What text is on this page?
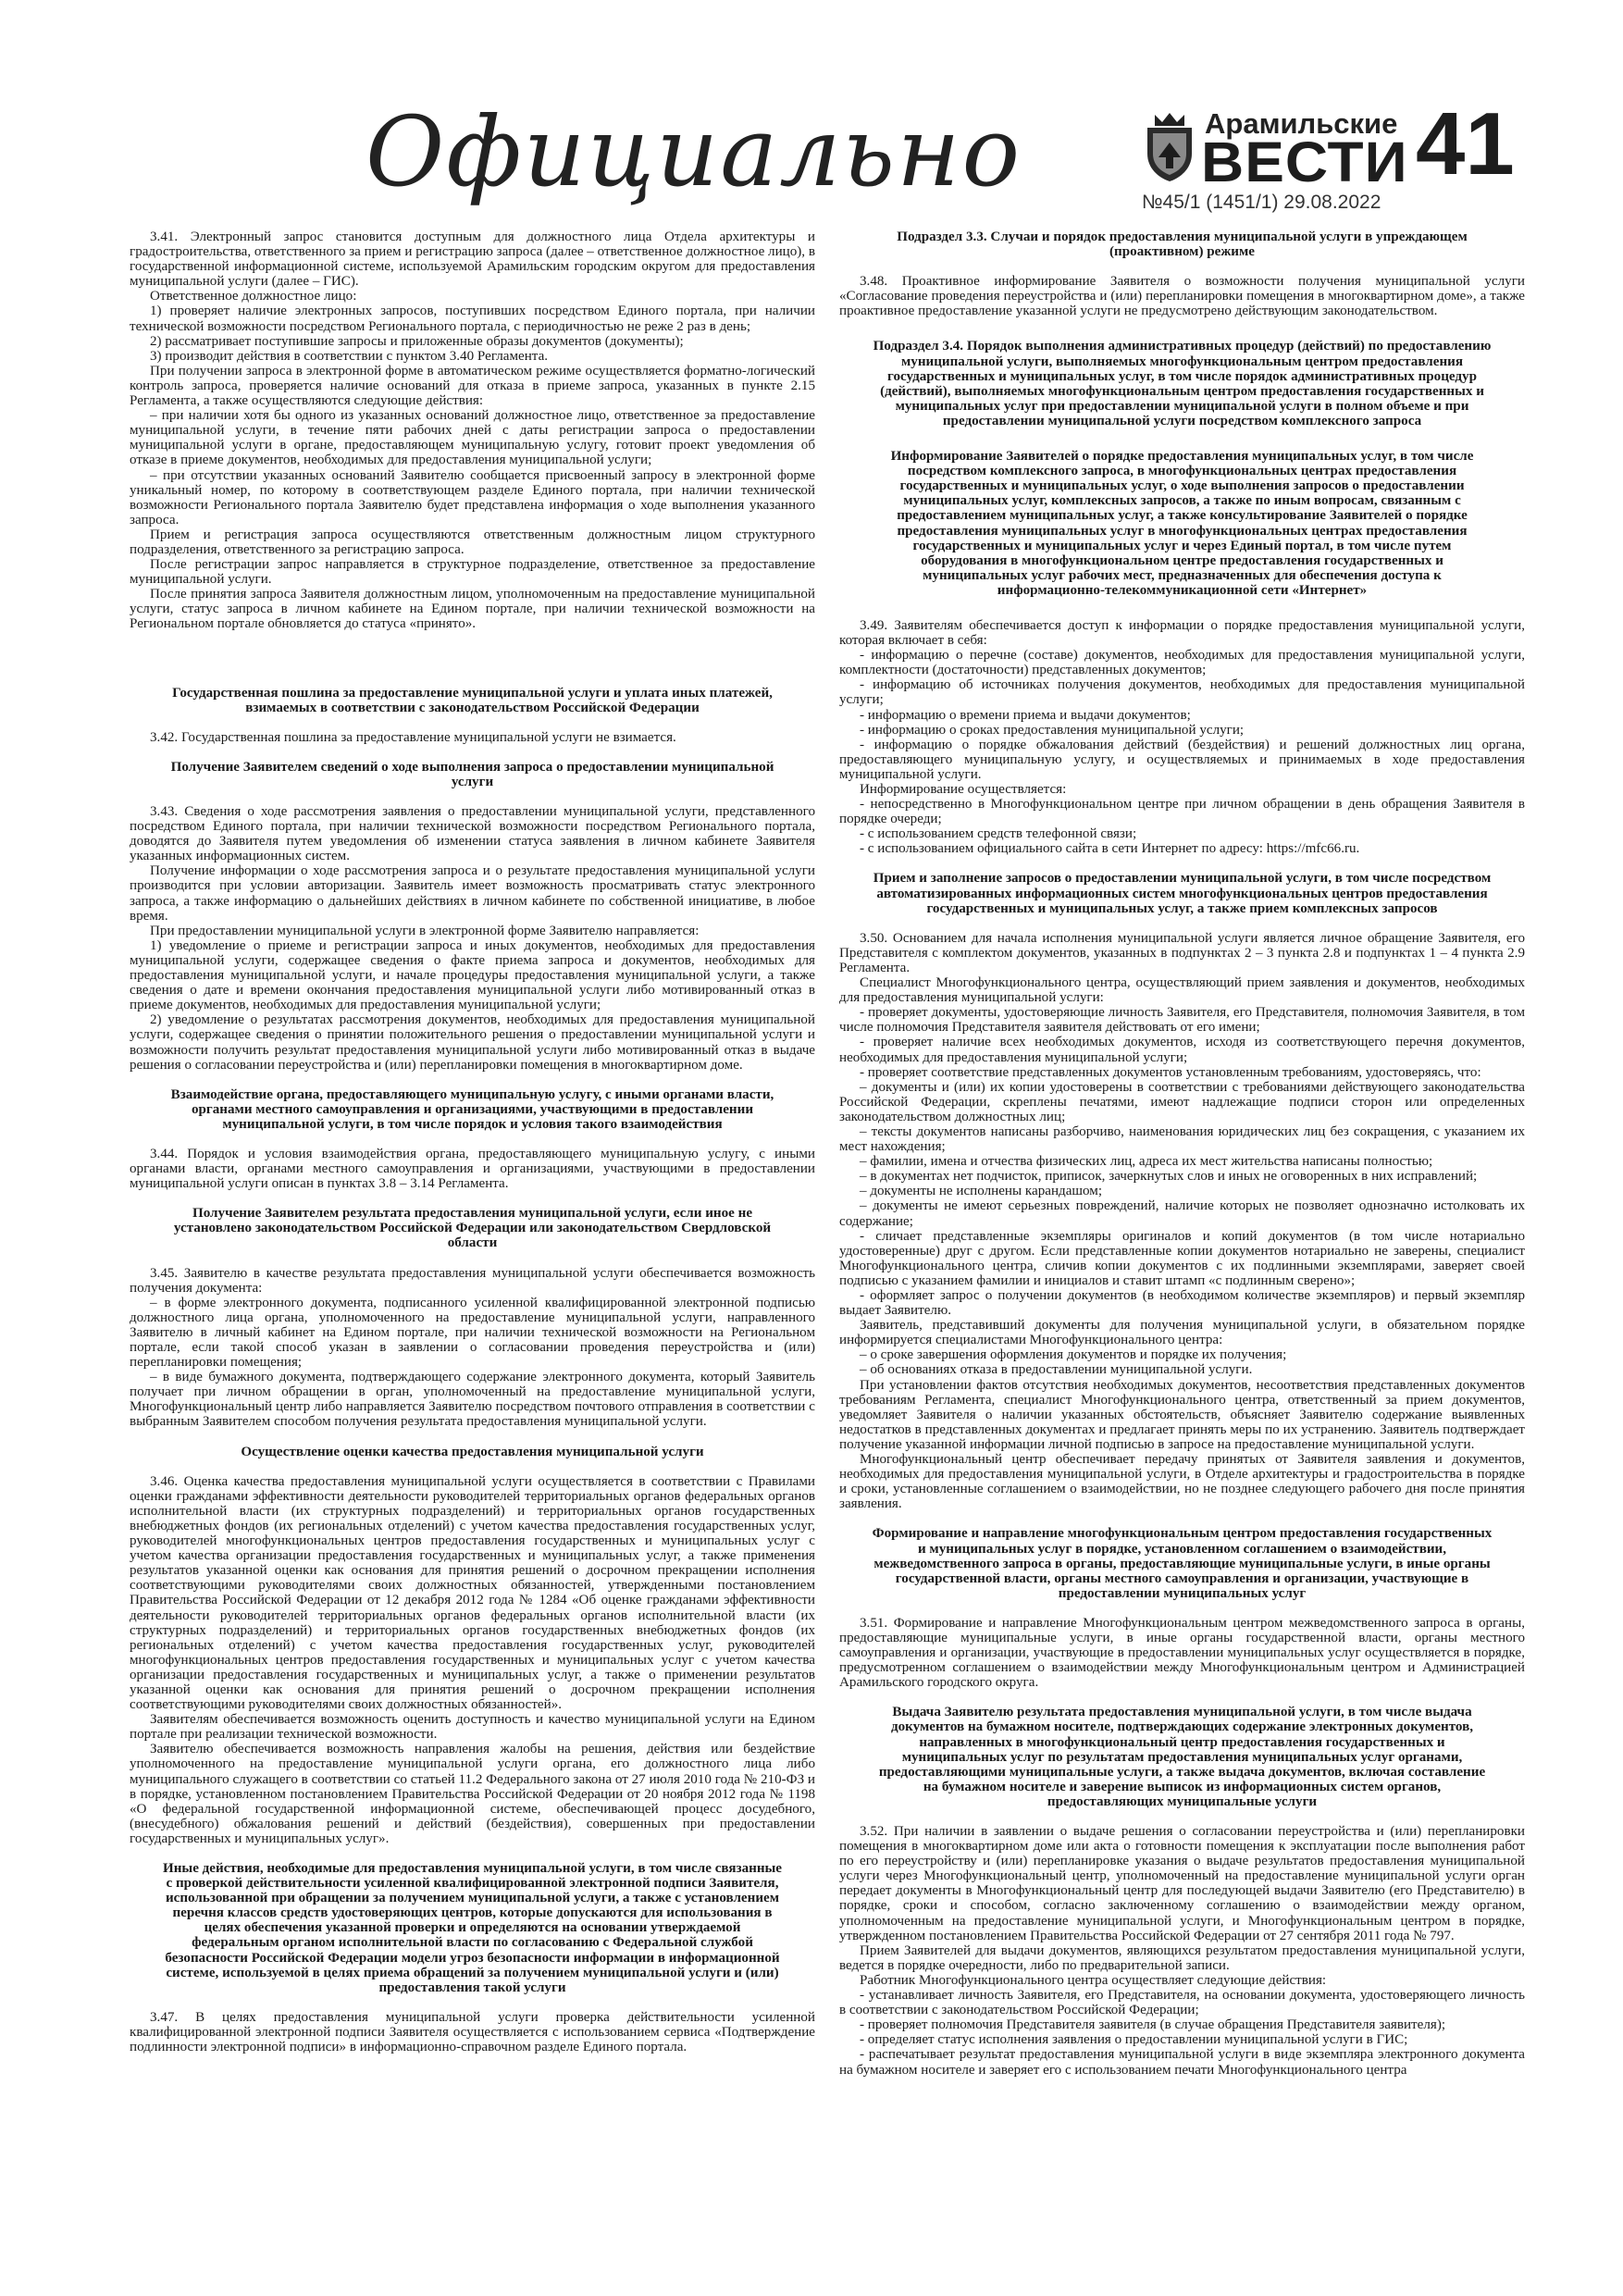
Официально	Арамильские
ВЕСТИ
№45/1 (1451/1) 29.08.2022
41

3.41. Электронный запрос становится доступным для должностного лица Отдела архитектуры и градостроительства, ответственного за прием и регистрацию запроса (далее – ответственное должностное лицо), в государственной информационной системе, используемой Арамильским городским округом для предоставления муниципальной услуги (далее – ГИС).

Ответственное должностное лицо:

1) проверяет наличие электронных запросов, поступивших посредством Единого портала, при наличии технической возможности посредством Регионального портала, с периодичностью не реже 2 раз в день;

2) рассматривает поступившие запросы и приложенные образы документов (документы);

3) производит действия в соответствии с пунктом 3.40 Регламента.

При получении запроса в электронной форме в автоматическом режиме осуществляется форматно-логический контроль запроса, проверяется наличие оснований для отказа в приеме запроса, указанных в пункте 2.15 Регламента, а также осуществляются следующие действия:

– при наличии хотя бы одного из указанных оснований должностное лицо, ответственное за предоставление муниципальной услуги, в течение пяти рабочих дней с даты регистрации запроса о предоставлении муниципальной услуги в органе, предоставляющем муниципальную услугу, готовит проект уведомления об отказе в приеме документов, необходимых для предоставления муниципальной услуги;

– при отсутствии указанных оснований Заявителю сообщается присвоенный запросу в электронной форме уникальный номер, по которому в соответствующем разделе Единого портала, при наличии технической возможности Регионального портала Заявителю будет представлена информация о ходе выполнения указанного запроса.

Прием и регистрация запроса осуществляются ответственным должностным лицом структурного подразделения, ответственного за регистрацию запроса.

После регистрации запрос направляется в структурное подразделение, ответственное за предоставление муниципальной услуги.

После принятия запроса Заявителя должностным лицом, уполномоченным на предоставление муниципальной услуги, статус запроса в личном кабинете на Едином портале, при наличии технической возможности на Региональном портале обновляется до статуса «принято».

Государственная пошлина за предоставление муниципальной услуги и уплата иных платежей, взимаемых в соответствии с законодательством Российской Федерации

3.42. Государственная пошлина за предоставление муниципальной услуги не взимается.

Получение Заявителем сведений о ходе выполнения запроса о предоставлении муниципальной услуги

3.43. Сведения о ходе рассмотрения заявления о предоставлении муниципальной услуги, представленного посредством Единого портала, при наличии технической возможности посредством Регионального портала, доводятся до Заявителя путем уведомления об изменении статуса заявления в личном кабинете Заявителя указанных информационных систем.

Получение информации о ходе рассмотрения запроса и о результате предоставления муниципальной услуги производится при условии авторизации. Заявитель имеет возможность просматривать статус электронного запроса, а также информацию о дальнейших действиях в личном кабинете по собственной инициативе, в любое время.

При предоставлении муниципальной услуги в электронной форме Заявителю направляется:

1) уведомление о приеме и регистрации запроса и иных документов, необходимых для предоставления муниципальной услуги, содержащее сведения о факте приема запроса и документов, необходимых для предоставления муниципальной услуги, и начале процедуры предоставления муниципальной услуги, а также сведения о дате и времени окончания предоставления муниципальной услуги либо мотивированный отказ в приеме документов, необходимых для предоставления муниципальной услуги;

2) уведомление о результатах рассмотрения документов, необходимых для предоставления муниципальной услуги, содержащее сведения о принятии положительного решения о предоставлении муниципальной услуги и возможности получить результат предоставления муниципальной услуги либо мотивированный отказ в выдаче решения о согласовании переустройства и (или) перепланировки помещения в многоквартирном доме.

Взаимодействие органа, предоставляющего муниципальную услугу, с иными органами власти, органами местного самоуправления и организациями, участвующими в предоставлении муниципальной услуги, в том числе порядок и условия такого взаимодействия

3.44. Порядок и условия взаимодействия органа, предоставляющего муниципальную услугу, с иными органами власти, органами местного самоуправления и организациями, участвующими в предоставлении муниципальной услуги описан в пунктах 3.8 – 3.14 Регламента.

Получение Заявителем результата предоставления муниципальной услуги, если иное не установлено законодательством Российской Федерации или законодательством Свердловской области

3.45. Заявителю в качестве результата предоставления муниципальной услуги обеспечивается возможность получения документа:

– в форме электронного документа, подписанного усиленной квалифицированной электронной подписью должностного лица органа, уполномоченного на предоставление муниципальной услуги, направленного Заявителю в личный кабинет на Едином портале, при наличии технической возможности на Региональном портале, если такой способ указан в заявлении о согласовании проведения переустройства и (или) перепланировки помещения;

– в виде бумажного документа, подтверждающего содержание электронного документа, который Заявитель получает при личном обращении в орган, уполномоченный на предоставление муниципальной услуги, Многофункциональный центр либо направляется Заявителю посредством почтового отправления в соответствии с выбранным Заявителем способом получения результата предоставления муниципальной услуги.

Осуществление оценки качества предоставления муниципальной услуги

3.46. Оценка качества предоставления муниципальной услуги осуществляется в соответствии с Правилами оценки гражданами эффективности деятельности руководителей территориальных органов федеральных органов исполнительной власти (их структурных подразделений) и территориальных органов государственных внебюджетных фондов (их региональных отделений) с учетом качества предоставления государственных услуг, руководителей многофункциональных центров предоставления государственных и муниципальных услуг с учетом качества организации предоставления государственных и муниципальных услуг, а также применения результатов указанной оценки как основания для принятия решений о досрочном прекращении исполнения соответствующими руководителями своих должностных обязанностей, утвержденными постановлением Правительства Российской Федерации от 12 декабря 2012 года № 1284 «Об оценке гражданами эффективности деятельности руководителей территориальных органов федеральных органов исполнительной власти (их структурных подразделений) и территориальных органов государственных внебюджетных фондов (их региональных отделений) с учетом качества предоставления государственных услуг, руководителей многофункциональных центров предоставления государственных и муниципальных услуг с учетом качества организации предоставления государственных и муниципальных услуг, а также о применении результатов указанной оценки как основания для принятия решений о досрочном прекращении исполнения соответствующими руководителями своих должностных обязанностей».

Заявителям обеспечивается возможность оценить доступность и качество муниципальной услуги на Едином портале при реализации технической возможности.

Заявителю обеспечивается возможность направления жалобы на решения, действия или бездействие уполномоченного на предоставление муниципальной услуги органа, его должностного лица либо муниципального служащего в соответствии со статьей 11.2 Федерального закона от 27 июля 2010 года № 210-ФЗ и в порядке, установленном постановлением Правительства Российской Федерации от 20 ноября 2012 года № 1198 «О федеральной государственной информационной системе, обеспечивающей процесс досудебного, (внесудебного) обжалования решений и действий (бездействия), совершенных при предоставлении государственных и муниципальных услуг».

Иные действия, необходимые для предоставления муниципальной услуги, в том числе связанные с проверкой действительности усиленной квалифицированной электронной подписи Заявителя, использованной при обращении за получением муниципальной услуги, а также с установлением перечня классов средств удостоверяющих центров, которые допускаются для использования в целях обеспечения указанной проверки и определяются на основании утверждаемой федеральным органом исполнительной власти по согласованию с Федеральной службой безопасности Российской Федерации модели угроз безопасности информации в информационной системе, используемой в целях приема обращений за получением муниципальной услуги и (или) предоставления такой услуги

3.47. В целях предоставления муниципальной услуги проверка действительности усиленной квалифицированной электронной подписи Заявителя осуществляется с использованием сервиса «Подтверждение подлинности электронной подписи» в информационно-справочном разделе Единого портала.

Подраздел 3.3. Случаи и порядок предоставления муниципальной услуги в упреждающем (проактивном) режиме

3.48. Проактивное информирование Заявителя о возможности получения муниципальной услуги «Согласование проведения переустройства и (или) перепланировки помещения в многоквартирном доме», а также проактивное предоставление указанной услуги не предусмотрено действующим законодательством.

Подраздел 3.4. Порядок выполнения административных процедур (действий) по предоставлению муниципальной услуги, выполняемых многофункциональным центром предоставления государственных и муниципальных услуг, в том числе порядок административных процедур (действий), выполняемых многофункциональным центром предоставления государственных и муниципальных услуг при предоставлении муниципальной услуги в полном объеме и при предоставлении муниципальной услуги посредством комплексного запроса
Информирование Заявителей о порядке предоставления муниципальных услуг, в том числе посредством комплексного запроса, в многофункциональных центрах предоставления государственных и муниципальных услуг, о ходе выполнения запросов о предоставлении муниципальных услуг, комплексных запросов, а также по иным вопросам, связанным с предоставлением муниципальных услуг, а также консультирование Заявителей о порядке предоставления муниципальных услуг в многофункциональных центрах предоставления государственных и муниципальных услуг и через Единый портал, в том числе путем оборудования в многофункциональном центре предоставления государственных и муниципальных услуг рабочих мест, предназначенных для обеспечения доступа к информационно-телекоммуникационной сети «Интернет»

3.49. Заявителям обеспечивается доступ к информации о порядке предоставления муниципальной услуги, которая включает в себя:

- информацию о перечне (составе) документов, необходимых для предоставления муниципальной услуги, комплектности (достаточности) представленных документов;

- информацию об источниках получения документов, необходимых для предоставления муниципальной услуги;

- информацию о времени приема и выдачи документов;

- информацию о сроках предоставления муниципальной услуги;

- информацию о порядке обжалования действий (бездействия) и решений должностных лиц органа, предоставляющего муниципальную услугу, и осуществляемых и принимаемых в ходе предоставления муниципальной услуги.

Информирование осуществляется:

- непосредственно в Многофункциональном центре при личном обращении в день обращения Заявителя в порядке очереди;

- с использованием средств телефонной связи;

- с использованием официального сайта в сети Интернет по адресу: https://mfc66.ru.

Прием и заполнение запросов о предоставлении муниципальной услуги, в том числе посредством автоматизированных информационных систем многофункциональных центров предоставления государственных и муниципальных услуг, а также прием комплексных запросов

3.50. Основанием для начала исполнения муниципальной услуги является личное обращение Заявителя, его Представителя с комплектом документов, указанных в подпунктах 2 – 3 пункта 2.8 и подпунктах 1 – 4 пункта 2.9 Регламента.

Специалист Многофункционального центра, осуществляющий прием заявления и документов, необходимых для предоставления муниципальной услуги:

- проверяет документы, удостоверяющие личность Заявителя, его Представителя, полномочия Заявителя, в том числе полномочия Представителя заявителя действовать от его имени;

- проверяет наличие всех необходимых документов, исходя из соответствующего перечня документов, необходимых для предоставления муниципальной услуги;

- проверяет соответствие представленных документов установленным требованиям, удостоверяясь, что:

– документы и (или) их копии удостоверены в соответствии с требованиями действующего законодательства Российской Федерации, скреплены печатями, имеют надлежащие подписи сторон или определенных законодательством должностных лиц;

– тексты документов написаны разборчиво, наименования юридических лиц без сокращения, с указанием их мест нахождения;

– фамилии, имена и отчества физических лиц, адреса их мест жительства написаны полностью;

– в документах нет подчисток, приписок, зачеркнутых слов и иных не оговоренных в них исправлений;

– документы не исполнены карандашом;

– документы не имеют серьезных повреждений, наличие которых не позволяет однозначно истолковать их содержание;

- сличает представленные экземпляры оригиналов и копий документов (в том числе нотариально удостоверенные) друг с другом. Если представленные копии документов нотариально не заверены, специалист Многофункционального центра, сличив копии документов с их подлинными экземплярами, заверяет своей подписью с указанием фамилии и инициалов и ставит штамп «с подлинным сверено»;

- оформляет запрос о получении документов (в необходимом количестве экземпляров) и первый экземпляр выдает Заявителю.

Заявитель, представивший документы для получения муниципальной услуги, в обязательном порядке информируется специалистами Многофункционального центра:

– о сроке завершения оформления документов и порядке их получения;

– об основаниях отказа в предоставлении муниципальной услуги.

При установлении фактов отсутствия необходимых документов, несоответствия представленных документов требованиям Регламента, специалист Многофункционального центра, ответственный за прием документов, уведомляет Заявителя о наличии указанных обстоятельств, объясняет Заявителю содержание выявленных недостатков в представленных документах и предлагает принять меры по их устранению. Заявитель подтверждает получение указанной информации личной подписью в запросе на предоставление муниципальной услуги.

Многофункциональный центр обеспечивает передачу принятых от Заявителя заявления и документов, необходимых для предоставления муниципальной услуги, в Отделе архитектуры и градостроительства в порядке и сроки, установленные соглашением о взаимодействии, но не позднее следующего рабочего дня после принятия заявления.

Формирование и направление многофункциональным центром предоставления государственных и муниципальных услуг в порядке, установленном соглашением о взаимодействии, межведомственного запроса в органы, предоставляющие муниципальные услуги, в иные органы государственной власти, органы местного самоуправления и организации, участвующие в предоставлении муниципальных услуг

3.51. Формирование и направление Многофункциональным центром межведомственного запроса в органы, предоставляющие муниципальные услуги, в иные органы государственной власти, органы местного самоуправления и организации, участвующие в предоставлении муниципальных услуг осуществляется в порядке, предусмотренном соглашением о взаимодействии между Многофункциональным центром и Администрацией Арамильского городского округа.

Выдача Заявителю результата предоставления муниципальной услуги, в том числе выдача документов на бумажном носителе, подтверждающих содержание электронных документов, направленных в многофункциональный центр предоставления государственных и муниципальных услуг по результатам предоставления муниципальных услуг органами, предоставляющими муниципальные услуги, а также выдача документов, включая составление на бумажном носителе и заверение выписок из информационных систем органов, предоставляющих муниципальные услуги

3.52. При наличии в заявлении о выдаче решения о согласовании переустройства и (или) перепланировки помещения в многоквартирном доме или акта о готовности помещения к эксплуатации после выполнения работ по его переустройству и (или) перепланировке указания о выдаче результатов предоставления муниципальной услуги через Многофункциональный центр, уполномоченный на предоставление муниципальной услуги орган передает документы в Многофункциональный центр для последующей выдачи Заявителю (его Представителю) в порядке, сроки и способом, согласно заключенному соглашению о взаимодействии между органом, уполномоченным на предоставление муниципальной услуги, и Многофункциональным центром в порядке, утвержденном постановлением Правительства Российской Федерации от 27 сентября 2011 года № 797.

Прием Заявителей для выдачи документов, являющихся результатом предоставления муниципальной услуги, ведется в порядке очередности, либо по предварительной записи.

Работник Многофункционального центра осуществляет следующие действия:

- устанавливает личность Заявителя, его Представителя, на основании документа, удостоверяющего личность в соответствии с законодательством Российской Федерации;

- проверяет полномочия Представителя заявителя (в случае обращения Представителя заявителя);

- определяет статус исполнения заявления о предоставлении муниципальной услуги в ГИС;

- распечатывает результат предоставления муниципальной услуги в виде экземпляра электронного документа на бумажном носителе и заверяет его с использованием печати Многофункционального центра
